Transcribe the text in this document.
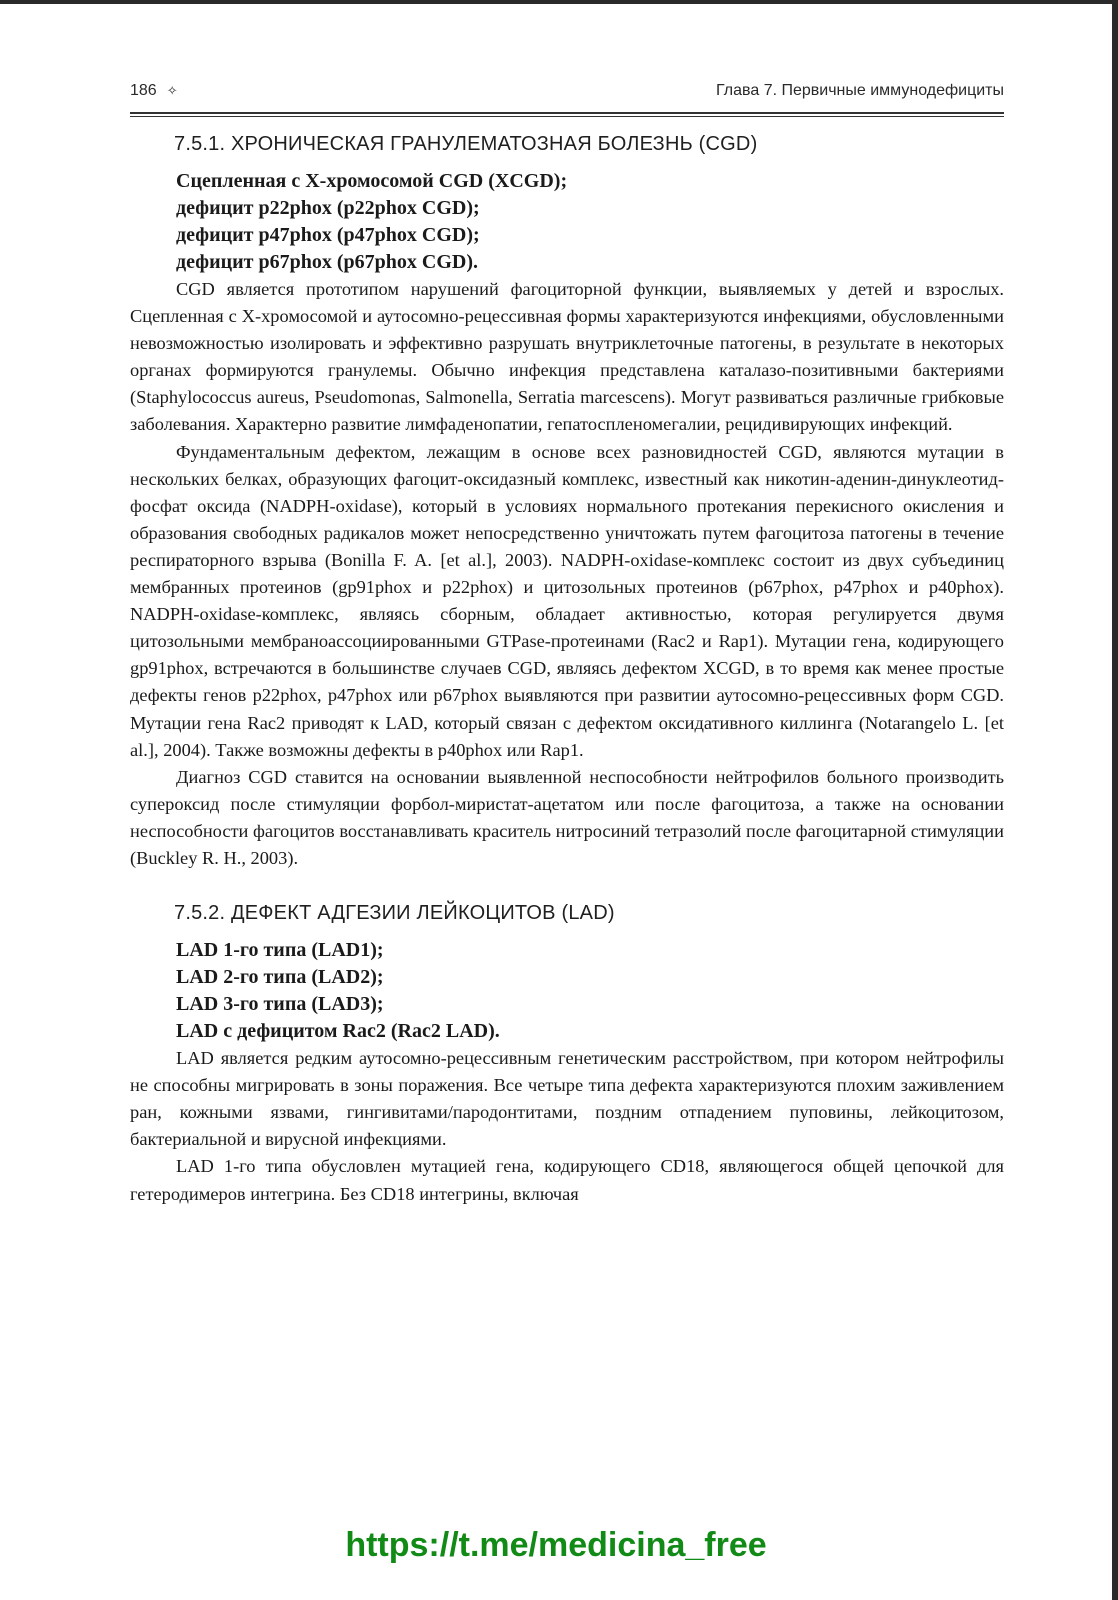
186 ✧	Глава 7. Первичные иммунодефициты
7.5.1. ХРОНИЧЕСКАЯ ГРАНУЛЕМАТОЗНАЯ БОЛЕЗНЬ (CGD)
Сцепленная с Х-хромосомой CGD (XCGD);
дефицит p22phox (p22phox CGD);
дефицит p47phox (p47phox CGD);
дефицит p67phox (p67phox CGD).

CGD является прототипом нарушений фагоциторной функции, выявляемых у детей и взрослых. Сцепленная с Х-хромосомой и аутосомно-рецессивная формы характеризуются инфекциями, обусловленными невозможностью изолировать и эффективно разрушать внутриклеточные патогены, в результате в некоторых органах формируются гранулемы. Обычно инфекция представлена каталазо-позитивными бактериями (Staphylococcus aureus, Pseudomonas, Salmonella, Serratia marcescens). Могут развиваться различные грибковые заболевания. Характерно развитие лимфаденопатии, гепатоспленомегалии, рецидивирующих инфекций.

Фундаментальным дефектом, лежащим в основе всех разновидностей CGD, являются мутации в нескольких белках, образующих фагоцит-оксидазный комплекс, известный как никотин-аденин-динуклеотид-фосфат оксида (NADPH-oxidase), который в условиях нормального протекания перекисного окисления и образования свободных радикалов может непосредственно уничтожать путем фагоцитоза патогены в течение респираторного взрыва (Bonilla F. A. [et al.], 2003). NADPH-oxidase-комплекс состоит из двух субъединиц мембранных протеинов (gp91phox и p22phox) и цитозольных протеинов (p67phox, p47phox и p40phox). NADPH-oxidase-комплекс, являясь сборным, обладает активностью, которая регулируется двумя цитозольными мембраноассоциированными GTPase-протеинами (Rac2 и Rap1). Мутации гена, кодирующего gp91phox, встречаются в большинстве случаев CGD, являясь дефектом XCGD, в то время как менее простые дефекты генов p22phox, p47phox или p67phox выявляются при развитии аутосомно-рецессивных форм CGD. Мутации гена Rac2 приводят к LAD, который связан с дефектом оксидативного киллинга (Notarangelo L. [et al.], 2004). Также возможны дефекты в p40phox или Rap1.

Диагноз CGD ставится на основании выявленной неспособности нейтрофилов больного производить супероксид после стимуляции форбол-миристат-ацетатом или после фагоцитоза, а также на основании неспособности фагоцитов восстанавливать краситель нитросиний тетразолий после фагоцитарной стимуляции (Buckley R. H., 2003).

7.5.2. ДЕФЕКТ АДГЕЗИИ ЛЕЙКОЦИТОВ (LAD)
LAD 1-го типа (LAD1);
LAD 2-го типа (LAD2);
LAD 3-го типа (LAD3);
LAD с дефицитом Rac2 (Rac2 LAD).

LAD является редким аутосомно-рецессивным генетическим расстройством, при котором нейтрофилы не способны мигрировать в зоны поражения. Все четыре типа дефекта характеризуются плохим заживлением ран, кожными язвами, гингивитами/пародонтитами, поздним отпадением пуповины, лейкоцитозом, бактериальной и вирусной инфекциями.

LAD 1-го типа обусловлен мутацией гена, кодирующего CD18, являющегося общей цепочкой для гетеродимеров интегрина. Без CD18 интегрины, включая

https://t.me/medicina_free
